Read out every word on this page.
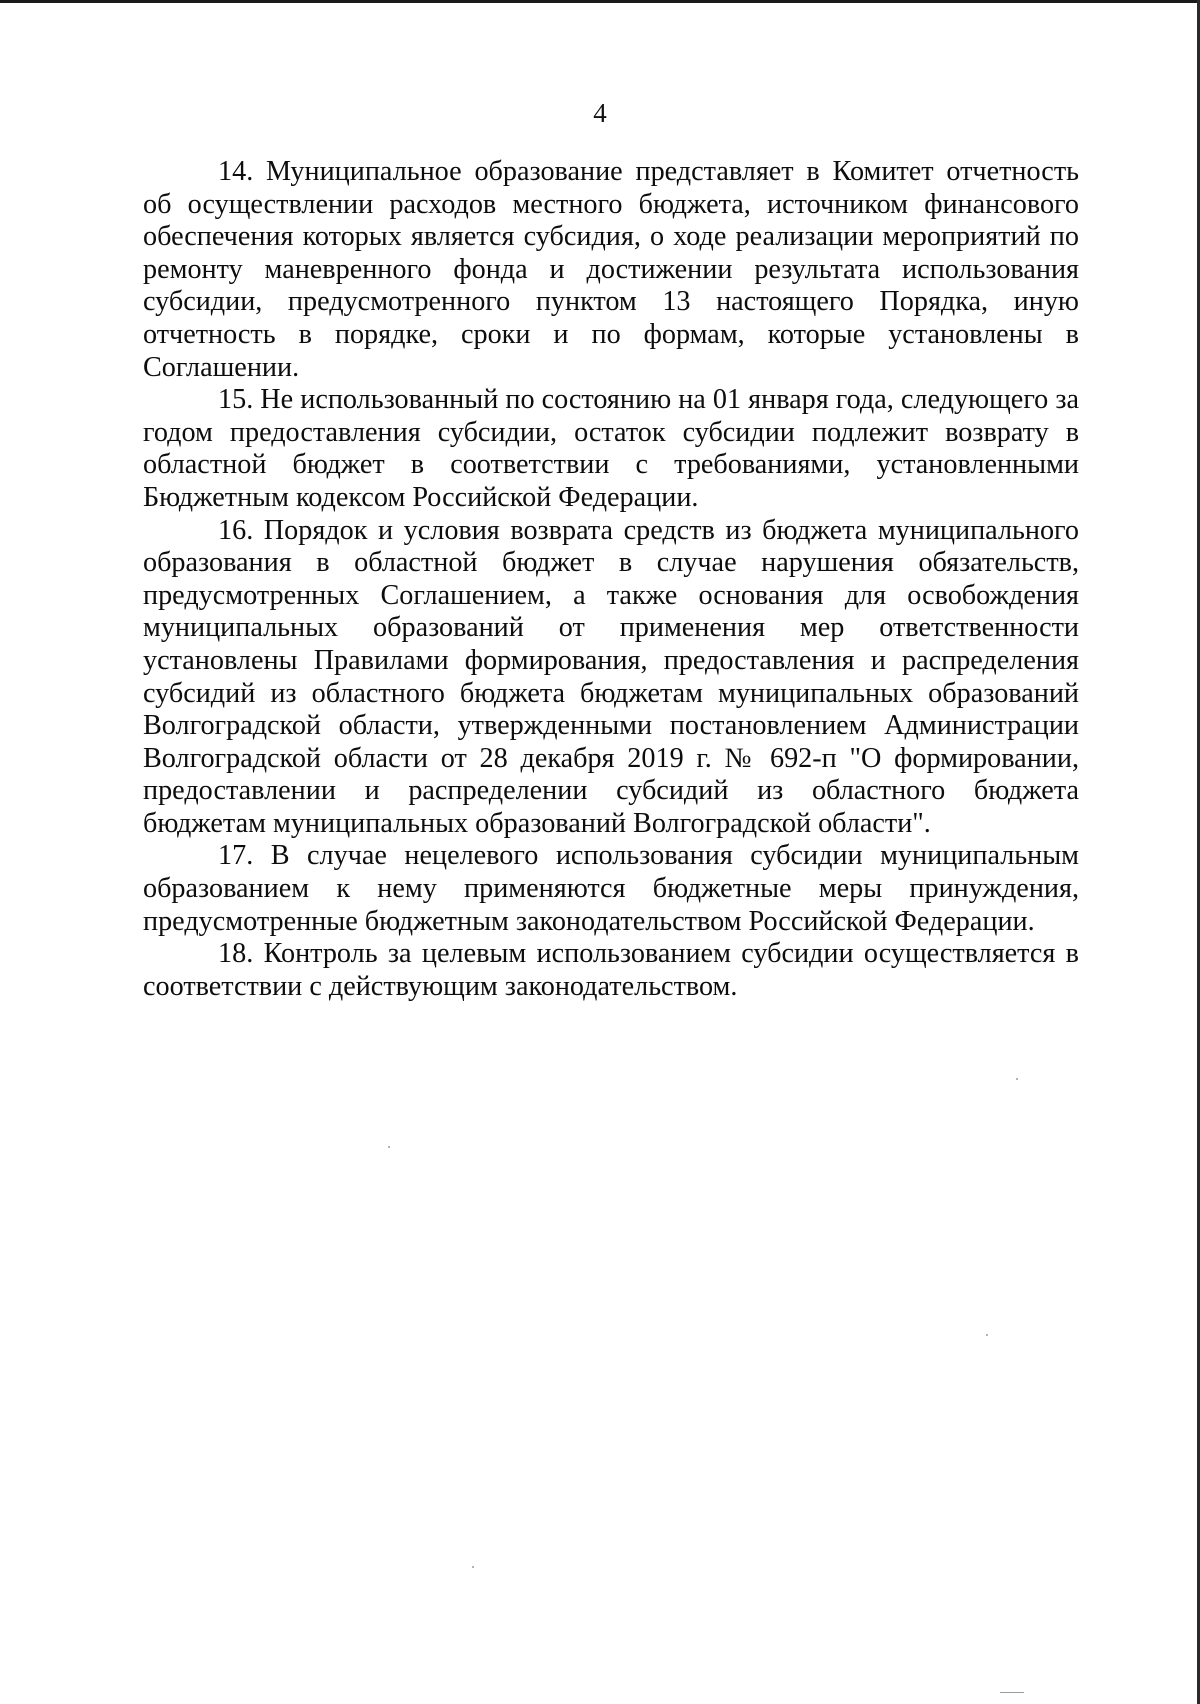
4

14. Муниципальное образование представляет в Комитет отчетность об осуществлении расходов местного бюджета, источником финансового обеспечения которых является субсидия, о ходе реализации мероприятий по ремонту маневренного фонда и достижении результата использования субсидии, предусмотренного пунктом 13 настоящего Порядка, иную отчетность в порядке, сроки и по формам, которые установлены в Соглашении.

15. Не использованный по состоянию на 01 января года, следующего за годом предоставления субсидии, остаток субсидии подлежит возврату в областной бюджет в соответствии с требованиями, установленными Бюджетным кодексом Российской Федерации.

16. Порядок и условия возврата средств из бюджета муниципального образования в областной бюджет в случае нарушения обязательств, предусмотренных Соглашением, а также основания для освобождения муниципальных образований от применения мер ответственности установлены Правилами формирования, предоставления и распределения субсидий из областного бюджета бюджетам муниципальных образований Волгоградской области, утвержденными постановлением Администрации Волгоградской области от 28 декабря 2019 г. № 692-п "О формировании, предоставлении и распределении субсидий из областного бюджета бюджетам муниципальных образований Волгоградской области".

17. В случае нецелевого использования субсидии муниципальным образованием к нему применяются бюджетные меры принуждения, предусмотренные бюджетным законодательством Российской Федерации.

18. Контроль за целевым использованием субсидии осуществляется в соответствии с действующим законодательством.
